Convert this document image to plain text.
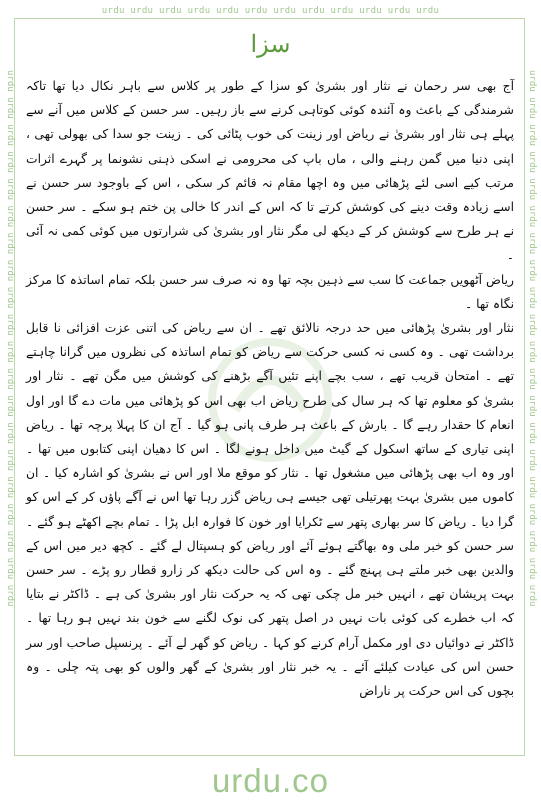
urdu urdu urdu urdu urdu urdu urdu urdu urdu urdu urdu urdu
urdu urdu urdu urdu urdu urdu urdu urdu urdu urdu urdu urdu urdu urdu urdu urdu urdu urdu urdu urdu	urdu urdu urdu urdu urdu urdu urdu urdu urdu urdu urdu urdu urdu urdu urdu urdu urdu urdu urdu urdu
سزا

آج بھی سر رحمان نے نثار اور بشریٰ کو سزا کے طور پر کلاس سے باہر نکال دیا تھا تاکہ شرمندگی کے باعث وہ آئندہ کوئی کوتاہی کرنے سے باز رہیں۔ سر حسن کے کلاس میں آنے سے پہلے ہی نثار اور بشریٰ نے ریاض اور زینت کی خوب پٹائی کی ۔ زینت جو سدا کی بھولی تھی ، اپنی دنیا میں گمن رہنے والی ، ماں باپ کی محرومی نے اسکی ذہنی نشونما پر گہرے اثرات مرتب کیے اسی لئے پڑھائی میں وہ اچھا مقام نہ قائم کر سکی ، اس کے باوجود سر حسن نے اسے زیادہ وقت دینے کی کوشش کرتے تا کہ اس کے اندر کا خالی پن ختم ہو سکے ۔ سر حسن نے ہر طرح سے کوشش کر کے دیکھ لی مگر نثار اور بشریٰ کی شرارتوں میں کوئی کمی نہ آئی ۔

ریاض آٹھویں جماعت کا سب سے ذہین بچہ تھا وہ نہ صرف سر حسن بلکہ تمام اساتذہ کا مرکز نگاہ تھا ۔

نثار اور بشریٰ پڑھائی میں حد درجہ نالائق تھے ۔ ان سے ریاض کی اتنی عزت افزائی نا قابل برداشت تھی ۔ وہ کسی نہ کسی حرکت سے ریاض کو تمام اساتذہ کی نظروں میں گرانا چاہتے تھے ۔ امتحان قریب تھے ، سب بچے اپنے تئیں آگے بڑھنے کی کوشش میں مگن تھے ۔ نثار اور بشریٰ کو معلوم تھا کہ ہر سال کی طرح ریاض اب بھی اس کو پڑھائی میں مات دے گا اور اول انعام کا حقدار رہے گا ۔ بارش کے باعث ہر طرف پانی ہو گیا ۔ آج ان کا پہلا پرچہ تھا ۔ ریاض اپنی تیاری کے ساتھ اسکول کے گیٹ میں داخل ہونے لگا ۔ اس کا دھیان اپنی کتابوں میں تھا ۔ اور وہ اب بھی پڑھائی میں مشغول تھا ۔ نثار کو موقع ملا اور اس نے بشریٰ کو اشارہ کیا ۔ ان کاموں میں بشریٰ بہت پھرتیلی تھی جیسے ہی ریاض گزر رہا تھا اس نے آگے پاؤں کر کے اس کو گرا دیا ۔ ریاض کا سر بھاری پتھر سے ٹکرایا اور خون کا فوارہ ابل پڑا ۔ تمام بچے اکھٹے ہو گئے ۔ سر حسن کو خبر ملی وہ بھاگتے ہوئے آئے اور ریاض کو ہسپتال لے گئے ۔ کچھ دیر میں اس کے والدین بھی خبر ملتے ہی پہنچ گئے ۔ وہ اس کی حالت دیکھ کر زارو قطار رو پڑے ۔ سر حسن بہت پریشان تھے ، انہیں خبر مل چکی تھی کہ یہ حرکت نثار اور بشریٰ کی ہے ۔ ڈاکٹر نے بتایا کہ اب خطرے کی کوئی بات نہیں در اصل پتھر کی نوک لگنے سے خون بند نہیں ہو رہا تھا ۔ ڈاکٹر نے دوائیاں دی اور مکمل آرام کرنے کو کہا ۔ ریاض کو گھر لے آئے ۔ پرنسپل صاحب اور سر حسن اس کی عیادت کیلئے آئے ۔ یہ خبر نثار اور بشریٰ کے گھر والوں کو بھی پتہ چلی ۔ وہ بچوں کی اس حرکت پر ناراض

urdu.co
